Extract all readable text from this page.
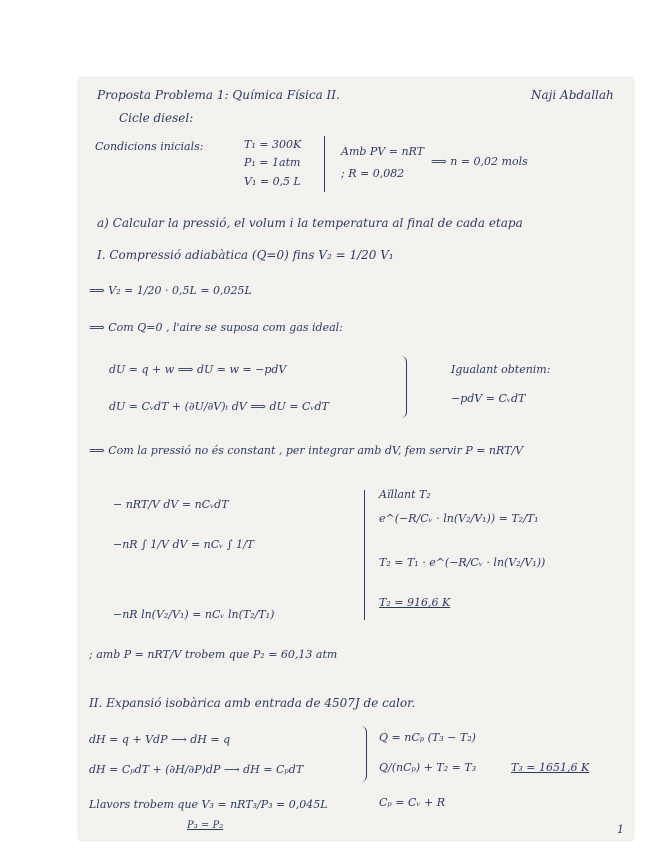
Proposta Problema 1: Química Física II.	Naji Abdallah
Cicle diesel:
Condicions inicials:	T₁ = 300K
P₁ = 1atm
V₁ = 0,5 L
Amb PV = nRT
; R = 0,082
⟹ n = 0,02 mols
a) Calcular la pressió, el volum i la temperatura al final de cada etapa
I. Compressió adiabàtica (Q=0) fins V₂ = 1/20 V₁
⟹ V₂ = 1/20 · 0,5L = 0,025L
⟹ Com Q=0 , l'aire se suposa com gas ideal:
dU = q + w ⟹ dU = w = −pdV
dU = CᵥdT + (∂U/∂V)ₜ dV ⟹ dU = CᵥdT
Igualant obtenim:
−pdV = CᵥdT
⟹ Com la pressió no és constant , per integrar amb dV, fem servir P = nRT/V
− nRT/V dV = nCᵥdT
−nR ∫ 1/V dV = nCᵥ ∫ 1/T
−nR ln(V₂/V₁) = nCᵥ ln(T₂/T₁)
Aïllant T₂
e^(−R/Cᵥ · ln(V₂/V₁)) = T₂/T₁
T₂ = T₁ · e^(−R/Cᵥ · ln(V₂/V₁))
T₂ = 916,6 K
; amb P = nRT/V trobem que P₂ = 60,13 atm
II. Expansió isobàrica amb entrada de 4507J de calor.
dH = q + VdP ⟶ dH = q
dH = CₚdT + (∂H/∂P)dP ⟶ dH = CₚdT
Q = nCₚ (T₃ − T₂)
Q/(nCₚ) + T₂ = T₃	T₃ = 1651,6 K
Cₚ = Cᵥ + R
Llavors trobem que V₃ = nRT₃/P₃ = 0,045L
P₃ = P₂	1
